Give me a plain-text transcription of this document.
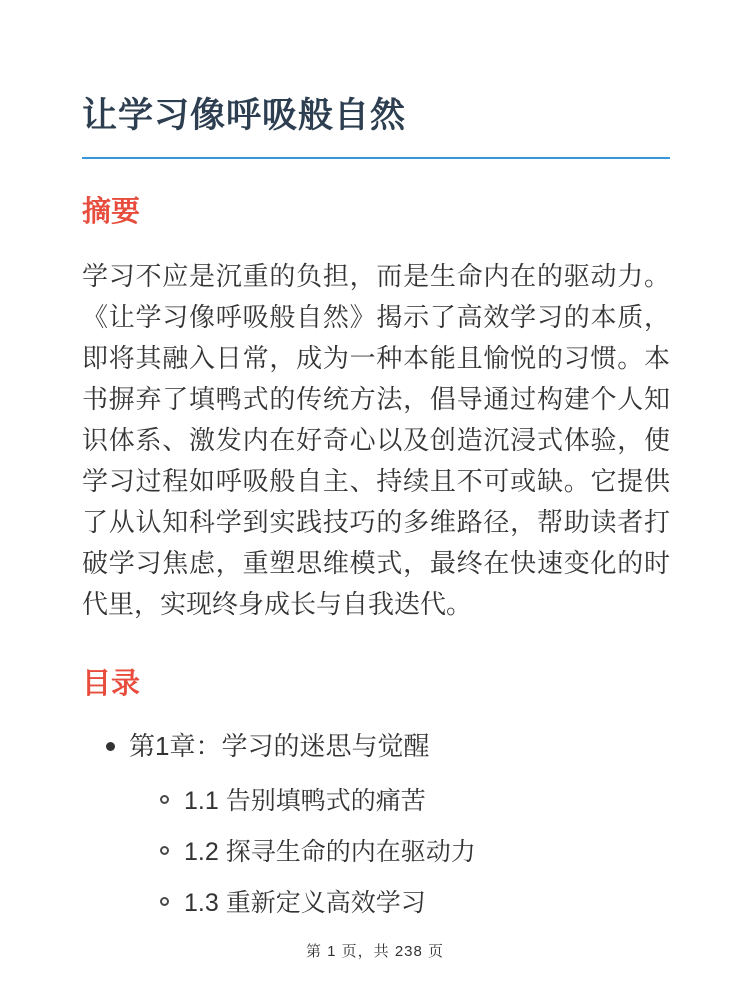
让学习像呼吸般自然
摘要

学习不应是沉重的负担，而是生命内在的驱动力。《让学习像呼吸般自然》揭示了高效学习的本质，即将其融入日常，成为一种本能且愉悦的习惯。本书摒弃了填鸭式的传统方法，倡导通过构建个人知识体系、激发内在好奇心以及创造沉浸式体验，使学习过程如呼吸般自主、持续且不可或缺。它提供了从认知科学到实践技巧的多维路径，帮助读者打破学习焦虑，重塑思维模式，最终在快速变化的时代里，实现终身成长与自我迭代。

目录
第1章：学习的迷思与觉醒
1.1 告别填鸭式的痛苦
1.2 探寻生命的内在驱动力
1.3 重新定义高效学习
第 1 页，共 238 页
